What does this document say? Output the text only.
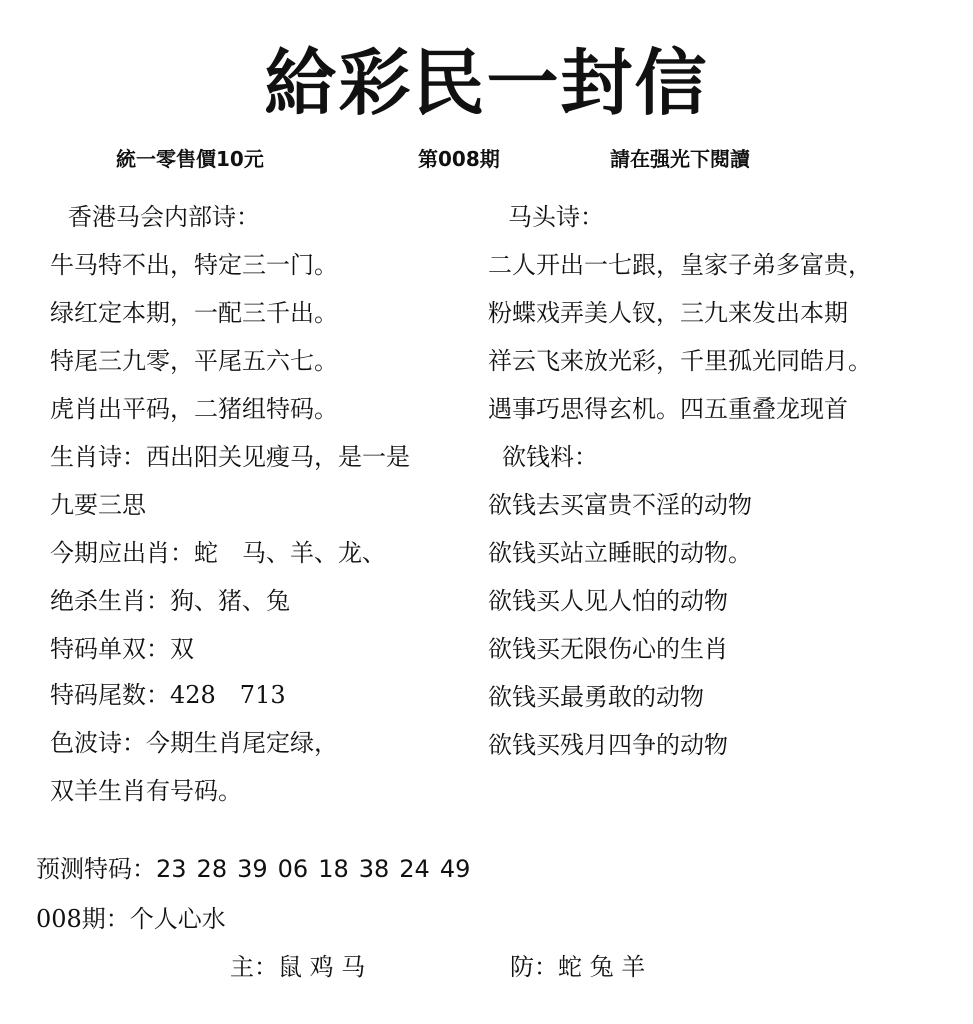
給彩民一封信
統一零售價10元	第008期	請在强光下閱讀
香港马会内部诗：
牛马特不出，特定三一门。
绿红定本期，一配三千出。
特尾三九零，平尾五六七。
虎肖出平码，二猪组特码。
生肖诗：西出阳关见瘦马，是一是
九要三思
今期应出肖：蛇　马、羊、龙、
绝杀生肖：狗、猪、兔
特码单双：双
特码尾数：428　713
色波诗：今期生肖尾定绿，
双羊生肖有号码。
马头诗：
二人开出一七跟，皇家子弟多富贵，
粉蝶戏弄美人钗，三九来发出本期
祥云飞来放光彩，千里孤光同皓月。
遇事巧思得玄机。四五重叠龙现首
欲钱料：
欲钱去买富贵不淫的动物
欲钱买站立睡眠的动物。
欲钱买人见人怕的动物
欲钱买无限伤心的生肖
欲钱买最勇敢的动物
欲钱买残月四争的动物
预测特码：23 28 39 06 18 38 24 49
008期：个人心水
主：鼠 鸡 马	防：蛇 兔 羊
